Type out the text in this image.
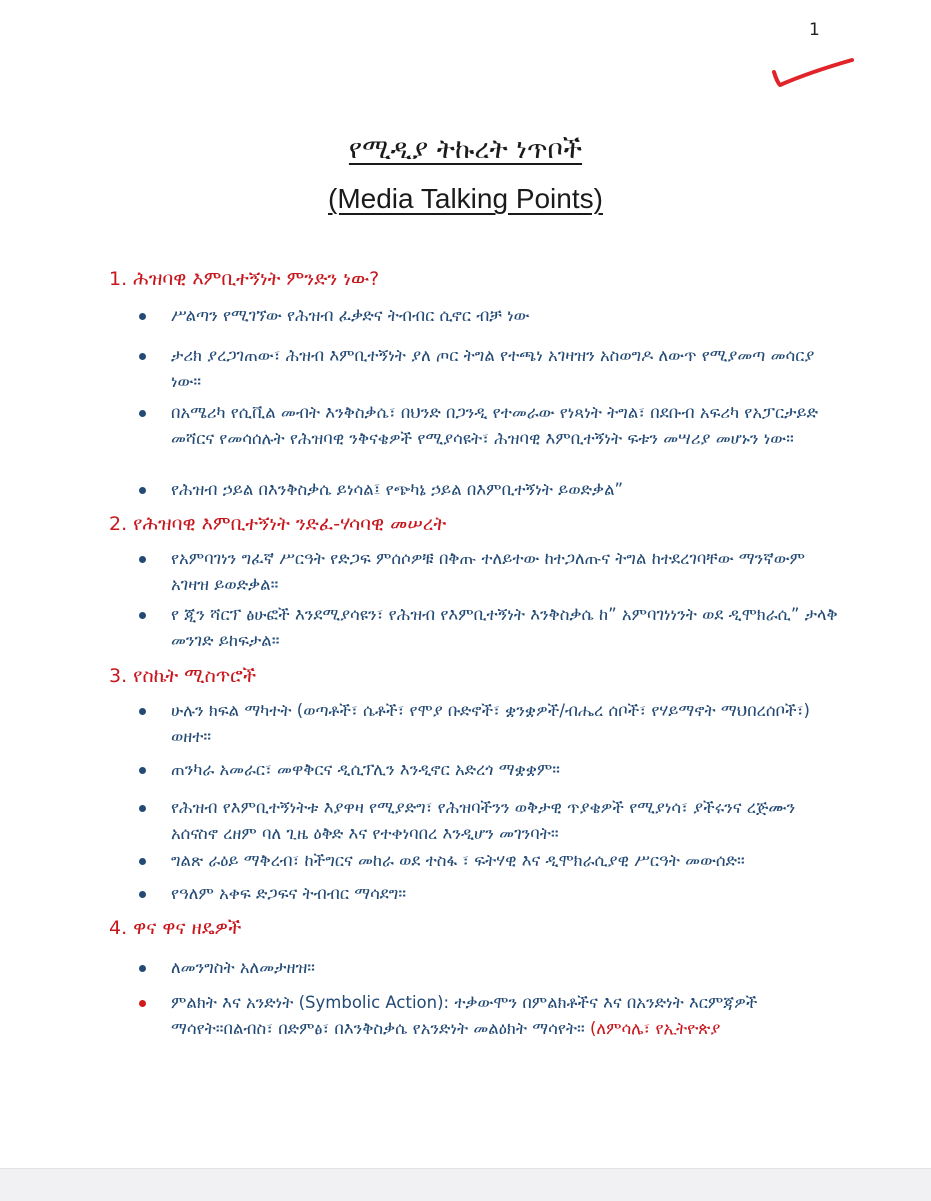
1
የሚዲያ ትኩረት ነጥቦች
(Media Talking Points)
1. ሕዝባዊ እምቢተኝነት ምንድን ነው?
ሥልጣን የሚገኘው የሕዝብ ፈቃድና ትብብር ሲኖር ብቻ ነው
ታሪክ ያረጋገጠው፣ ሕዝብ እምቢተኝነት ያለ ጦር ትግል የተጫነ አገዛዝን አስወግዶ ለውጥ የሚያመጣ መሳርያ ነው።
በአሜሪካ የሲቪል መብት እንቅስቃሴ፣ በህንድ በጋንዲ የተመራው የነጻነት ትግል፣ በደቡብ አፍሪካ የአፓርታይድ መሻርና የመሳሰሉት የሕዝባዊ ንቅናቄዎች የሚያሳዩት፣ ሕዝባዊ እምቢተኝነት ፍቱን መሣሪያ መሆኑን ነው።
የሕዝብ ኃይል በእንቅስቃሴ ይነሳል፤ የጭካኔ ኃይል በእምቢተኝነት ይወድቃል”
2. የሕዝባዊ እምቢተኝነት ንድፈ-ሃሳባዊ መሠረት
የአምባገነን ግፈኛ ሥርዓት የድጋፍ ምሰሶዎቹ በቅጡ ተለይተው ከተጋለጡና ትግል ከተደረገባቸው ማንኛውም አገዛዝ ይወድቃል።
የ ጂን ሻርፕ ፅሁፎች እንደሚያሳዩን፣ የሕዝብ የእምቢተኝነት እንቅስቃሴ ከ” አምባገነነንት ወደ ዲሞክራሲ” ታላቅ መንገድ ይከፍታል።
3. የስኬት ሚስጥሮች
ሁሉን ክፍል ማካተት (ወጣቶች፣ ሴቶች፣ የሞያ ቡድኖች፣ ቋንቋዎች/ብሔረ ሰቦች፣ የሃይማኖት ማህበረሰቦች፣) ወዘተ።
ጠንካራ አመራር፣ መዋቅርና ዲሲፕሊን እንዲኖር አድረጎ ማቋቋም።
የሕዝብ የእምቢተኝነትቱ እያዋዛ የሚያድግ፣ የሕዝባችንን ወቅታዊ ጥያቄዎች የሚያነሳ፣ ያችሩንና ረጅሙን አሰናስኖ ረዘም ባለ ጊዜ ዕቅድ እና የተቀነባበረ እንዲሆን መገንባት።
ግልጽ ራዕይ ማቅረብ፣ ከችግርና መከራ ወደ ተስፋ ፣ ፍትሃዊ እና ዲሞክራሲያዊ ሥርዓት መውሰድ።
የዓለም አቀፍ ድጋፍና ትብብር ማሳደግ።
4. ዋና ዋና ዘዴዎች
ለመንግስት አለመታዘዝ።
ምልክት እና አንድነት (Symbolic Action): ተቃውሞን በምልክቶችና እና በአንድነት እርምጃዎች ማሳየት።በልብስ፣ በድምፅ፣ በእንቅስቃሴ የአንድነት መልዕክት ማሳየት። (ለምሳሌ፣ የኢትዮጵያ
